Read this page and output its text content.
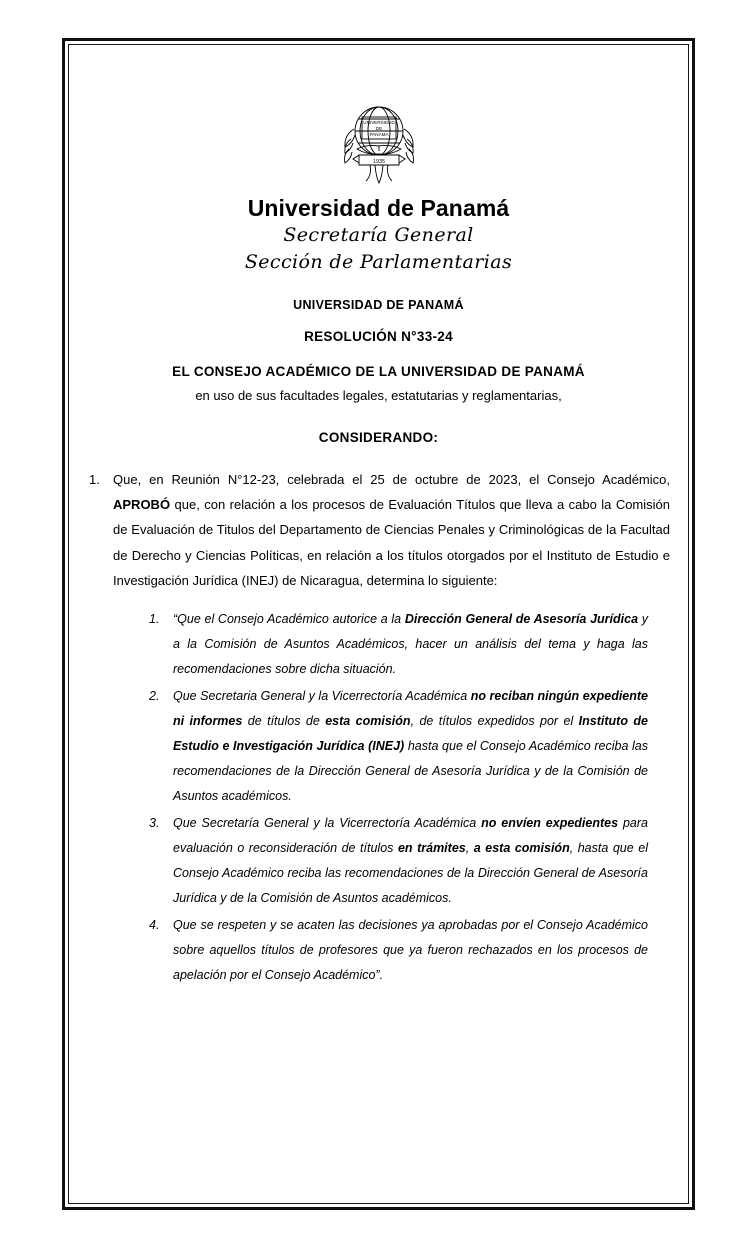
UNIVERSIDAD
DE
PANAMA
1935
Universidad de Panamá
Secretaría General
Sección de Parlamentarias
UNIVERSIDAD DE PANAMÁ
RESOLUCIÓN N°33-24
EL CONSEJO ACADÉMICO DE LA UNIVERSIDAD DE PANAMÁ
en uso de sus facultades legales, estatutarias y reglamentarias,
CONSIDERANDO:
1.	Que, en Reunión N°12-23, celebrada el 25 de octubre de 2023, el Consejo Académico, APROBÓ que, con relación a los procesos de Evaluación Títulos que lleva a cabo la Comisión de Evaluación de Titulos del Departamento de Ciencias Penales y Criminológicas de la Facultad de Derecho y Ciencias Políticas, en relación a los títulos otorgados por el Instituto de Estudio e Investigación Jurídica (INEJ) de Nicaragua, determina lo siguiente:
1.	“Que el Consejo Académico autorice a la Dirección General de Asesoría Jurídica y a la Comisión de Asuntos Académicos, hacer un análisis del tema y haga las recomendaciones sobre dicha situación.
2.	Que Secretaria General y la Vicerrectoría Académica no reciban ningún expediente ni informes de títulos de esta comisión, de títulos expedidos por el Instituto de Estudio e Investigación Jurídica (INEJ) hasta que el Consejo Académico reciba las recomendaciones de la Dirección General de Asesoría Jurídica y de la Comisión de Asuntos académicos.
3.	Que Secretaría General y la Vicerrectoría Académica no envíen expedientes para evaluación o reconsideración de títulos en trámites, a esta comisión, hasta que el Consejo Académico reciba las recomendaciones de la Dirección General de Asesoría Jurídica y de la Comisión de Asuntos académicos.
4.	Que se respeten y se acaten las decisiones ya aprobadas por el Consejo Académico sobre aquellos títulos de profesores que ya fueron rechazados en los procesos de apelación por el Consejo Académico”.
